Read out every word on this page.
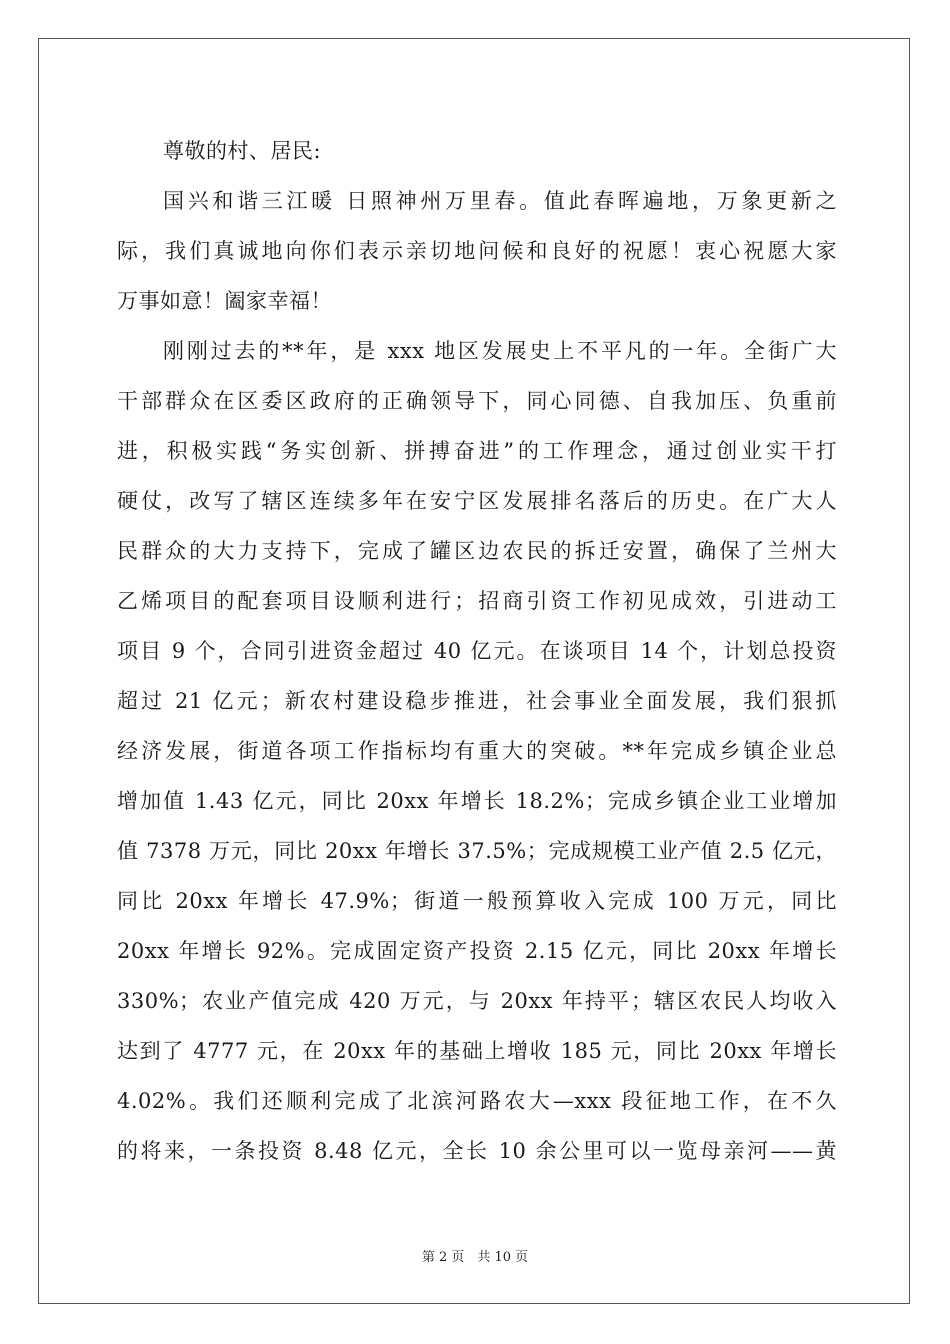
尊敬的村、居民:
国兴和谐三江暖 日照神州万里春。值此春晖遍地，万象更新之
际，我们真诚地向你们表示亲切地问候和良好的祝愿！衷心祝愿大家
万事如意！阖家幸福！
刚刚过去的**年，是 xxx 地区发展史上不平凡的一年。全街广大
干部群众在区委区政府的正确领导下，同心同德、自我加压、负重前
进，积极实践“务实创新、拼搏奋进”的工作理念，通过创业实干打
硬仗，改写了辖区连续多年在安宁区发展排名落后的历史。在广大人
民群众的大力支持下，完成了罐区边农民的拆迁安置，确保了兰州大
乙烯项目的配套项目设顺利进行；招商引资工作初见成效，引进动工
项目 9 个，合同引进资金超过 40 亿元。在谈项目 14 个，计划总投资
超过 21 亿元；新农村建设稳步推进，社会事业全面发展，我们狠抓
经济发展，街道各项工作指标均有重大的突破。**年完成乡镇企业总
增加值 1.43 亿元，同比 20xx 年增长 18.2%；完成乡镇企业工业增加
值 7378 万元，同比 20xx 年增长 37.5%；完成规模工业产值 2.5 亿元，
同比 20xx 年增长 47.9%；街道一般预算收入完成 100 万元，同比
20xx 年增长 92%。完成固定资产投资 2.15 亿元，同比 20xx 年增长
330%；农业产值完成 420 万元，与 20xx 年持平；辖区农民人均收入
达到了 4777 元，在 20xx 年的基础上增收 185 元，同比 20xx 年增长
4.02%。我们还顺利完成了北滨河路农大—xxx 段征地工作，在不久
的将来，一条投资 8.48 亿元，全长 10 余公里可以一览母亲河——黄
第 2 页　共 10 页
